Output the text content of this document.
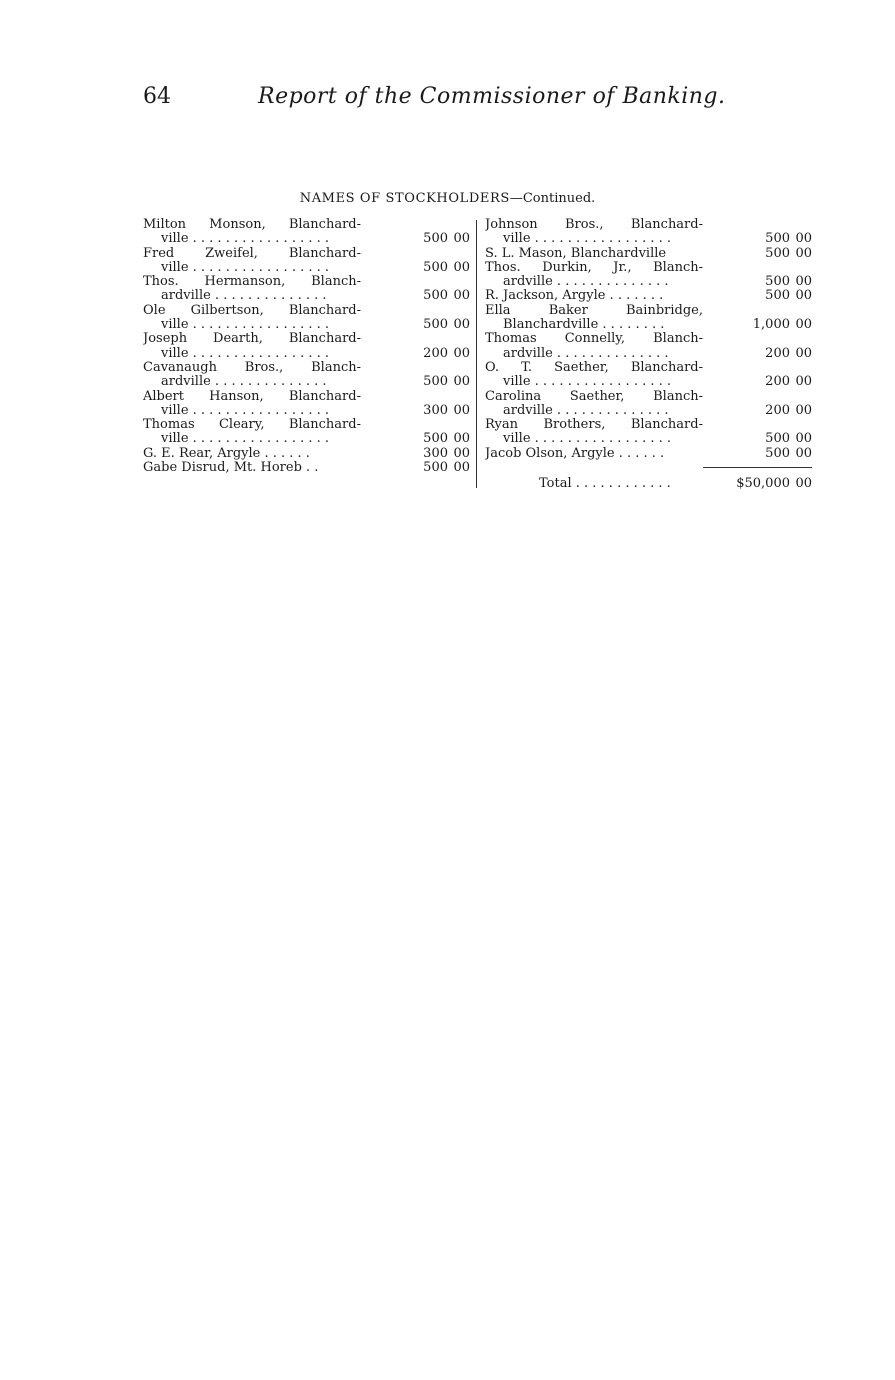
64	Report of the Commissioner of Banking.
NAMES OF STOCKHOLDERS—Continued.
Milton Monson, Blanchard-
ville . . . . . . . . . . . . . . . . .	500 00
Fred Zweifel, Blanchard-
ville . . . . . . . . . . . . . . . . .	500 00
Thos. Hermanson, Blanch-
ardville . . . . . . . . . . . . . .	500 00
Ole Gilbertson, Blanchard-
ville . . . . . . . . . . . . . . . . .	500 00
Joseph Dearth, Blanchard-
ville . . . . . . . . . . . . . . . . .	200 00
Cavanaugh Bros., Blanch-
ardville . . . . . . . . . . . . . .	500 00
Albert Hanson, Blanchard-
ville . . . . . . . . . . . . . . . . .	300 00
Thomas Cleary, Blanchard-
ville . . . . . . . . . . . . . . . . .	500 00
G. E. Rear, Argyle . . . . . .	300 00
Gabe Disrud, Mt. Horeb . .	500 00
Johnson Bros., Blanchard-
ville . . . . . . . . . . . . . . . . .	500 00
S. L. Mason, Blanchardville	500 00
Thos. Durkin, Jr., Blanch-
ardville . . . . . . . . . . . . . .	500 00
R. Jackson, Argyle . . . . . . .	500 00
Ella Baker Bainbridge,
Blanchardville . . . . . . . .	1,000 00
Thomas Connelly, Blanch-
ardville . . . . . . . . . . . . . .	200 00
O. T. Saether, Blanchard-
ville . . . . . . . . . . . . . . . . .	200 00
Carolina Saether, Blanch-
ardville . . . . . . . . . . . . . .	200 00
Ryan Brothers, Blanchard-
ville . . . . . . . . . . . . . . . . .	500 00
Jacob Olson, Argyle . . . . . .	500 00
Total . . . . . . . . . . . .	$50,000 00
